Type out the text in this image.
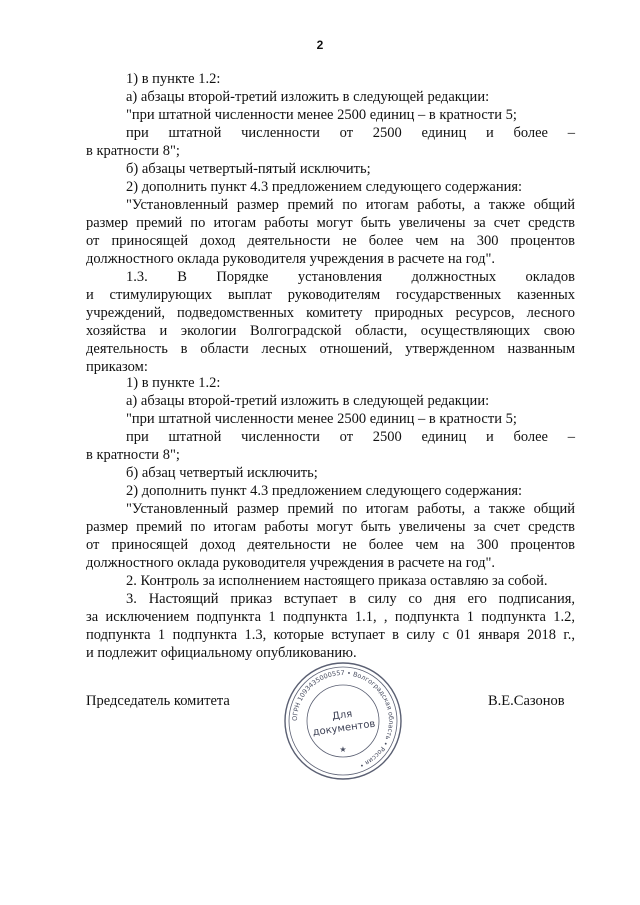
2
1) в пункте 1.2:
а) абзацы второй-третий изложить в следующей редакции:
"при штатной численности менее 2500 единиц – в кратности 5;
при штатной численности от 2500 единиц и более –
в кратности 8";
б) абзацы четвертый-пятый исключить;
2) дополнить пункт 4.3 предложением следующего содержания:
"Установленный размер премий по итогам работы, а также общий
размер премий по итогам работы могут быть увеличены за счет средств
от приносящей доход деятельности не более чем на 300 процентов
должностного оклада руководителя учреждения в расчете на год".
1.3. В Порядке установления должностных окладов
и стимулирующих выплат руководителям государственных казенных
учреждений, подведомственных комитету природных ресурсов, лесного
хозяйства и экологии Волгоградской области, осуществляющих свою
деятельность в области лесных отношений, утвержденном названным
приказом:
1) в пункте 1.2:
а) абзацы второй-третий изложить в следующей редакции:
"при штатной численности менее 2500 единиц – в кратности 5;
при штатной численности от 2500 единиц и более –
в кратности 8";
б) абзац четвертый исключить;
2) дополнить пункт 4.3 предложением следующего содержания:
"Установленный размер премий по итогам работы, а также общий
размер премий по итогам работы могут быть увеличены за счет средств
от приносящей доход деятельности не более чем на 300 процентов
должностного оклада руководителя учреждения в расчете на год".
2. Контроль за исполнением настоящего приказа оставляю за собой.
3. Настоящий приказ вступает в силу со дня его подписания,
за исключением подпункта 1 подпункта 1.1, , подпункта 1 подпункта 1.2,
подпункта 1 подпункта 1.3, которые вступает в силу с 01 января 2018 г.,
и подлежит официальному опубликованию.
Председатель комитета	В.Е.Сазонов
ОГРН 1093435000557 • Волгоградская область • Россия •
Для
документов
★
